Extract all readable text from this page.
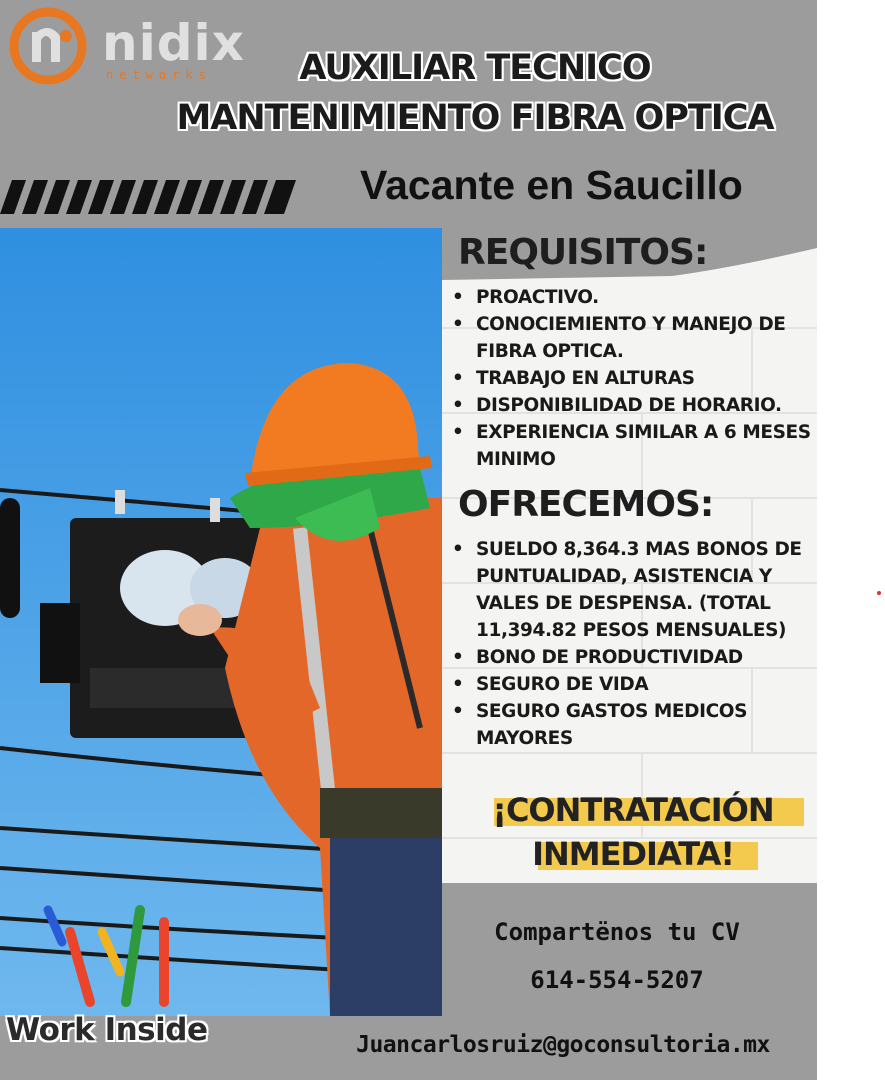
nidix
networks	AUXILIAR TECNICO
MANTENIMIENTO FIBRA OPTICA
Vacante en Saucillo
REQUISITOS:
• PROACTIVO.
• CONOCIEMIENTO Y MANEJO DE FIBRA OPTICA.
• TRABAJO EN ALTURAS
• DISPONIBILIDAD DE HORARIO.
• EXPERIENCIA SIMILAR A 6 MESES MINIMO
OFRECEMOS:
• SUELDO 8,364.3 MAS BONOS DE PUNTUALIDAD, ASISTENCIA Y VALES DE DESPENSA. (TOTAL 11,394.82 PESOS MENSUALES)
• BONO DE PRODUCTIVIDAD
• SEGURO DE VIDA
• SEGURO GASTOS MEDICOS MAYORES
¡CONTRATACIÓN
INMEDIATA!
Compartënos tu CV
614-554-5207
Juancarlosruiz@goconsultoria.mx
Work Inside
